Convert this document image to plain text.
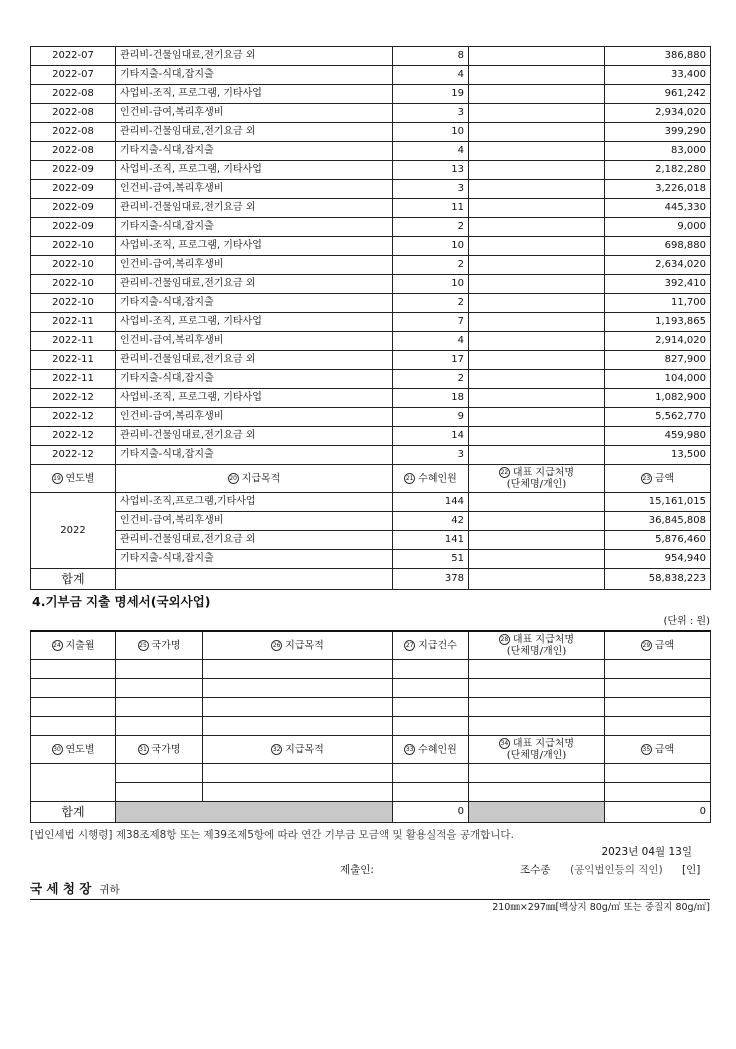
2022-07	관리비-건물임대료,전기요금 외	8		386,880
2022-07	기타지출-식대,잡지출	4		33,400
2022-08	사업비-조직, 프로그램, 기타사업	19		961,242
2022-08	인건비-급여,복리후생비	3		2,934,020
2022-08	관리비-건물임대료,전기요금 외	10		399,290
2022-08	기타지출-식대,잡지출	4		83,000
2022-09	사업비-조직, 프로그램, 기타사업	13		2,182,280
2022-09	인건비-급여,복리후생비	3		3,226,018
2022-09	관리비-건물임대료,전기요금 외	11		445,330
2022-09	기타지출-식대,잡지출	2		9,000
2022-10	사업비-조직, 프로그램, 기타사업	10		698,880
2022-10	인건비-급여,복리후생비	2		2,634,020
2022-10	관리비-건물임대료,전기요금 외	10		392,410
2022-10	기타지출-식대,잡지출	2		11,700
2022-11	사업비-조직, 프로그램, 기타사업	7		1,193,865
2022-11	인건비-급여,복리후생비	4		2,914,020
2022-11	관리비-건물임대료,전기요금 외	17		827,900
2022-11	기타지출-식대,잡지출	2		104,000
2022-12	사업비-조직, 프로그램, 기타사업	18		1,082,900
2022-12	인건비-급여,복리후생비	9		5,562,770
2022-12	관리비-건물임대료,전기요금 외	14		459,980
2022-12	기타지출-식대,잡지출	3		13,500
19 연도별	20 지급목적	21 수혜인원	22 대표 지급처명
(단체명/개인)	23 금액
2022	사업비-조직,프로그램,기타사업	144		15,161,015
	인건비-급여,복리후생비	42		36,845,808
	관리비-건물임대료,전기요금 외	141		5,876,460
	기타지출-식대,잡지출	51		954,940
합계		378		58,838,223
4.기부금 지출 명세서(국외사업)
(단위 : 원)
24 지출월	25 국가명	26 지급목적	27 지급건수	28 대표 지급처명
(단체명/개인)	29 금액

30 연도별	31 국가명	32 지급목적	33 수혜인원	34 대표 지급처명
(단체명/개인)	35 금액

합계			0		0
[법인세법 시행령] 제38조제8항 또는 제39조제5항에 따라 연간 기부금 모금액 및 활용실적을 공개합니다.
2023년 04월 13일
제출인:	조수종 (공익법인등의 직인) [인]
국 세 청 장 귀하
210㎜×297㎜[백상지 80g/㎡ 또는 중질지 80g/㎡]
